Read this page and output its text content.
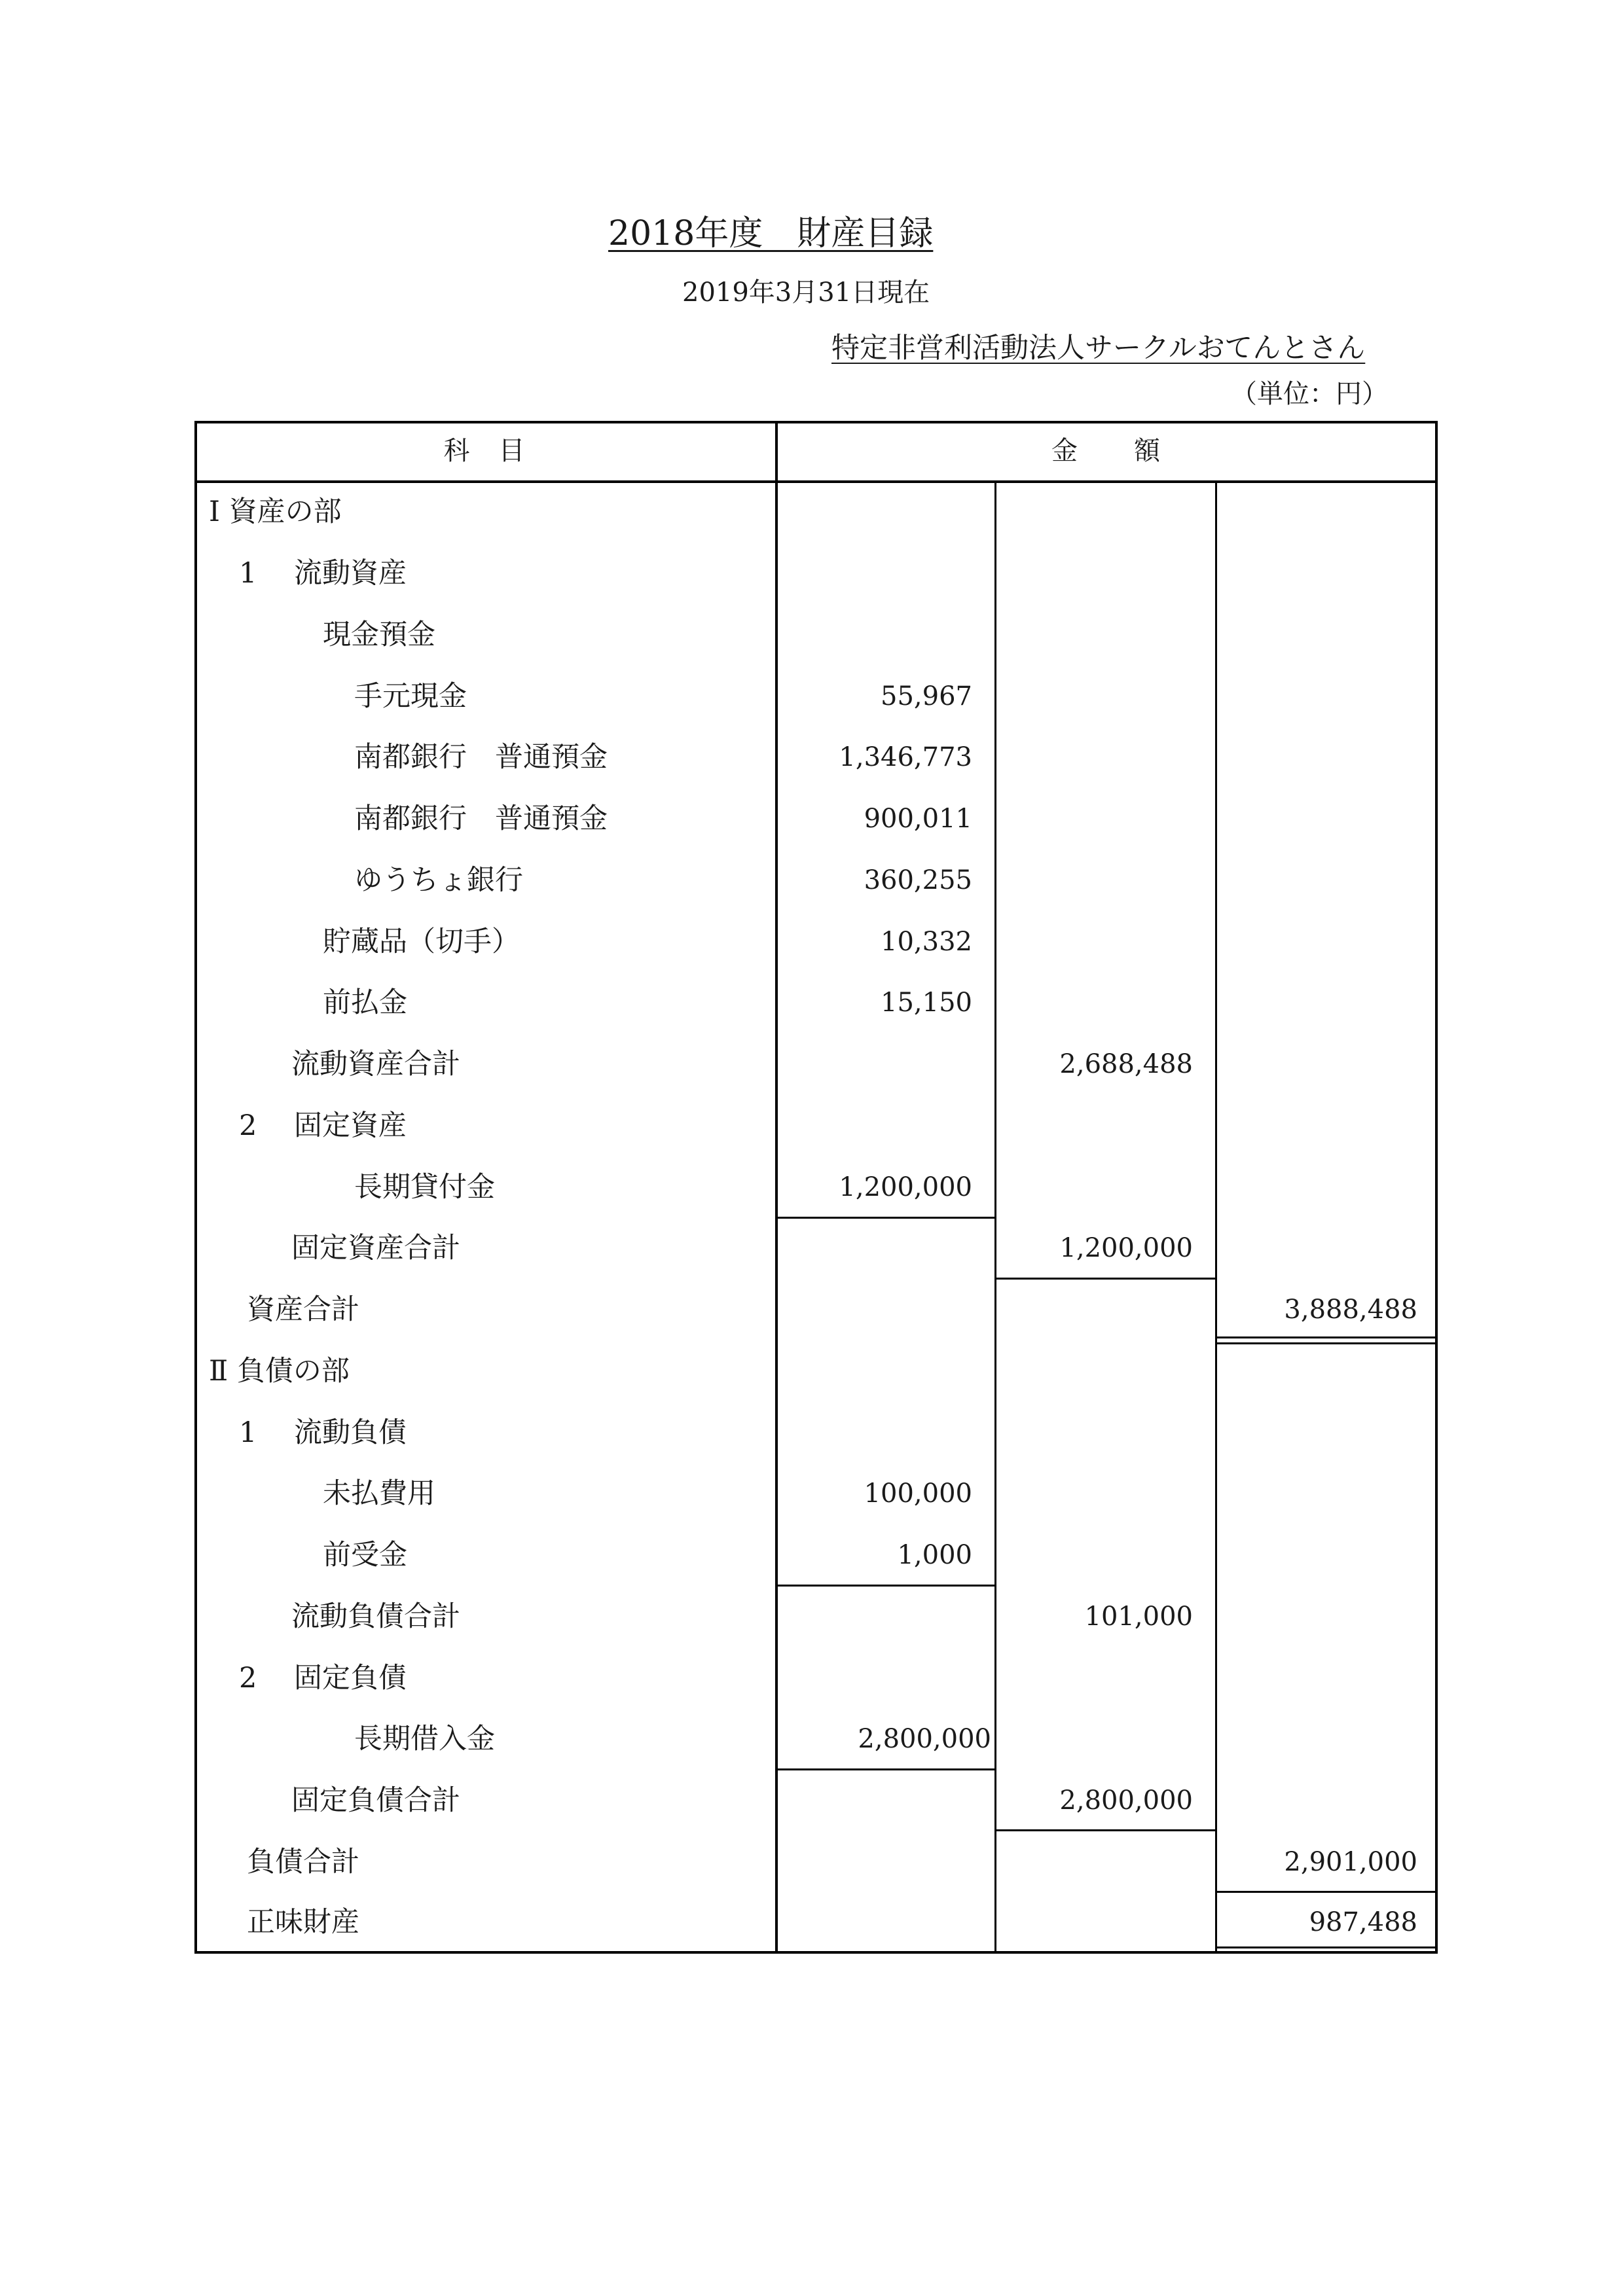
2018年度　財産目録
2019年3月31日現在
特定非営利活動法人サークルおてんとさん
（単位：円）
科　目	金　　額
Ⅰ 資産の部
1　 流動資産
現金預金
手元現金	55,967
南都銀行　普通預金	1,346,773
南都銀行　普通預金	900,011
ゆうちょ銀行	360,255
貯蔵品（切手）	10,332
前払金	15,150
流動資産合計	2,688,488
2　 固定資産
長期貸付金	1,200,000
固定資産合計	1,200,000
資産合計	3,888,488
Ⅱ 負債の部
1　 流動負債
未払費用	100,000
前受金	1,000
流動負債合計	101,000
2　 固定負債
長期借入金	2,800,000
固定負債合計	2,800,000
負債合計	2,901,000
正味財産	987,488
